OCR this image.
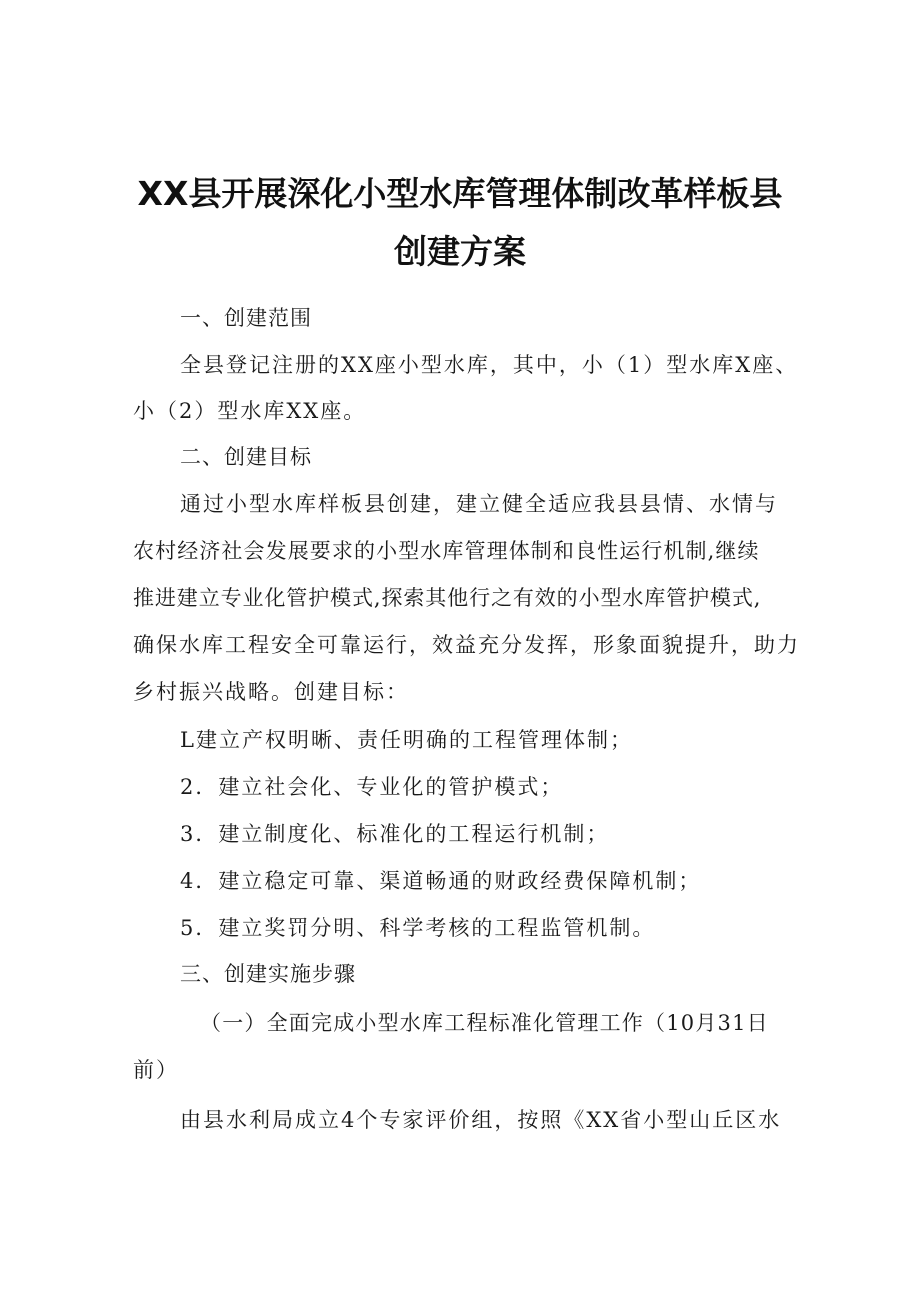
XX县开展深化小型水库管理体制改革样板县
创建方案
一、创建范围
全县登记注册的XX座小型水库，其中，小（1）型水库X座、
小（2）型水库XX座。
二、创建目标
通过小型水库样板县创建，建立健全适应我县县情、水情与
农村经济社会发展要求的小型水库管理体制和良性运行机制,继续
推进建立专业化管护模式,探索其他行之有效的小型水库管护模式,
确保水库工程安全可靠运行，效益充分发挥，形象面貌提升，助力
乡村振兴战略。创建目标：
L建立产权明晰、责任明确的工程管理体制；
2．建立社会化、专业化的管护模式；
3．建立制度化、标准化的工程运行机制；
4．建立稳定可靠、渠道畅通的财政经费保障机制；
5．建立奖罚分明、科学考核的工程监管机制。
三、创建实施步骤
（一）全面完成小型水库工程标准化管理工作（10月31日
前）
由县水利局成立4个专家评价组，按照《XX省小型山丘区水
